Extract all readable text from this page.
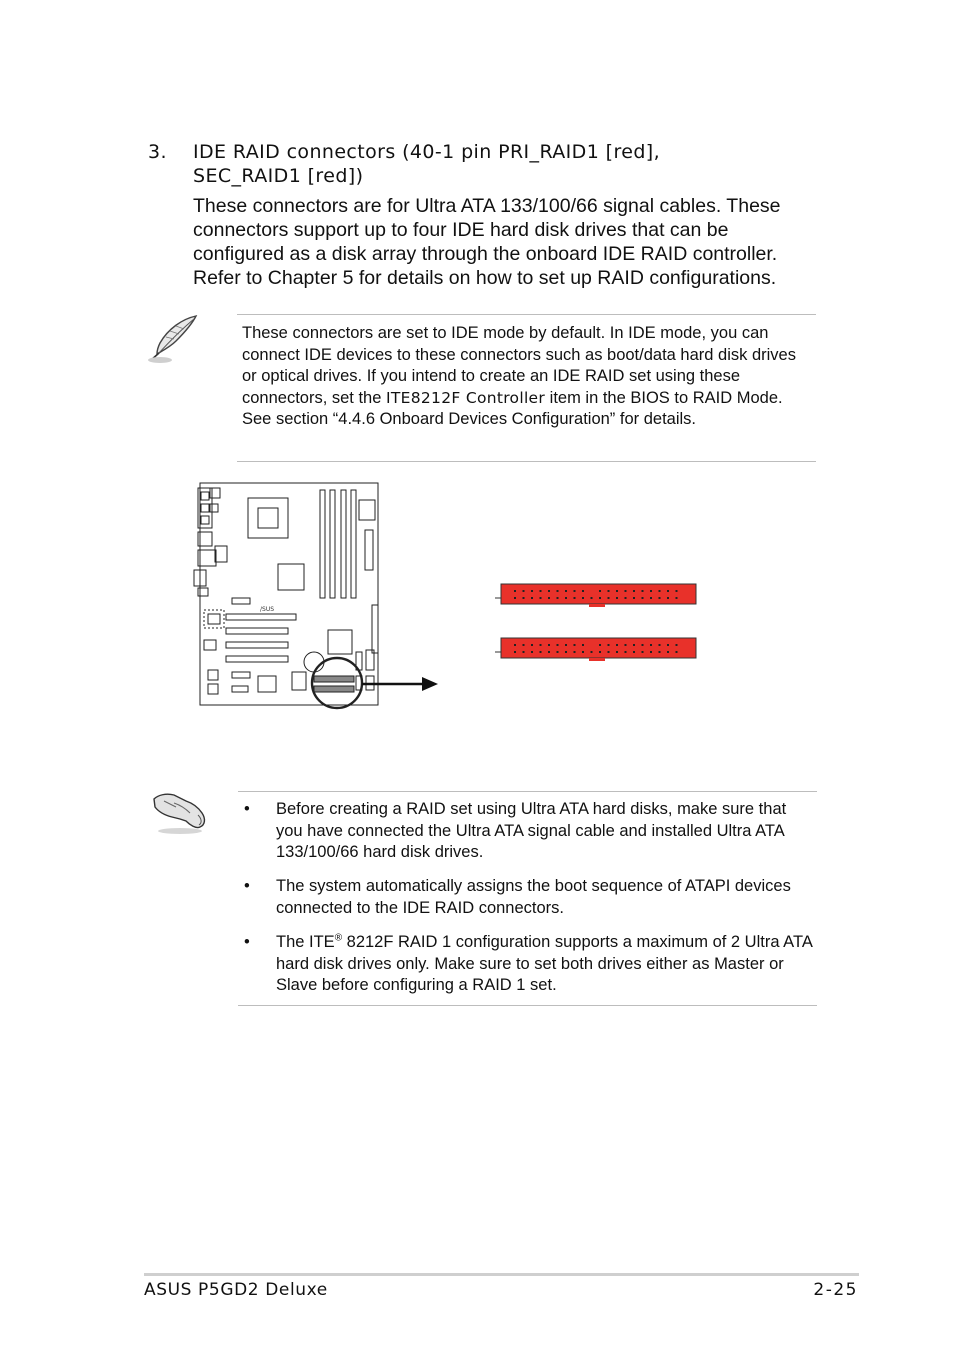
3. IDE RAID connectors (40-1 pin PRI_RAID1 [red],
SEC_RAID1 [red])
These connectors are for Ultra ATA 133/100/66 signal cables. These connectors support up to four IDE hard disk drives that can be configured as a disk array through the onboard IDE RAID controller. Refer to Chapter 5 for details on how to set up RAID configurations.
These connectors are set to IDE mode by default. In IDE mode, you can connect IDE devices to these connectors such as boot/data hard disk drives or optical drives. If you intend to create an IDE RAID set using these connectors, set the ITE8212F Controller item in the BIOS to RAID Mode. See section “4.4.6 Onboard Devices Configuration” for details.
/SUS
• Before creating a RAID set using Ultra ATA hard disks, make sure that you have connected the Ultra ATA signal cable and installed Ultra ATA 133/100/66 hard disk drives.
• The system automatically assigns the boot sequence of ATAPI devices connected to the IDE RAID connectors.
• The ITE® 8212F RAID 1 configuration supports a maximum of 2 Ultra ATA hard disk drives only. Make sure to set both drives either as Master or Slave before configuring a RAID 1 set.
ASUS P5GD2 Deluxe	2-25
